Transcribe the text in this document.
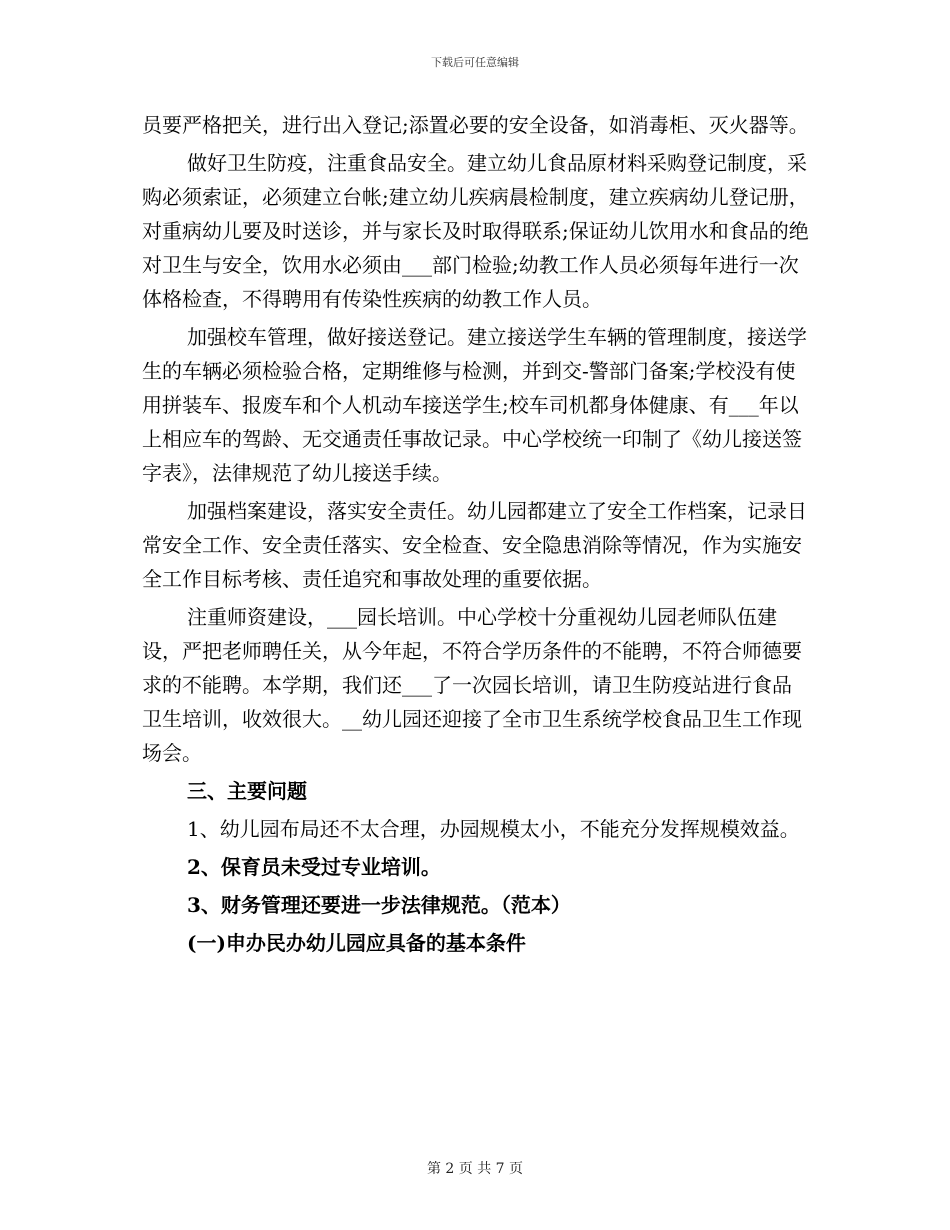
下载后可任意编辑

员要严格把关，进行出入登记;添置必要的安全设备，如消毒柜、灭火器等。

做好卫生防疫，注重食品安全。建立幼儿食品原材料采购登记制度，采购必须索证，必须建立台帐;建立幼儿疾病晨检制度，建立疾病幼儿登记册，对重病幼儿要及时送诊，并与家长及时取得联系;保证幼儿饮用水和食品的绝对卫生与安全，饮用水必须由___部门检验;幼教工作人员必须每年进行一次体格检查，不得聘用有传染性疾病的幼教工作人员。

加强校车管理，做好接送登记。建立接送学生车辆的管理制度，接送学生的车辆必须检验合格，定期维修与检测，并到交-警部门备案;学校没有使用拼装车、报废车和个人机动车接送学生;校车司机都身体健康、有___年以上相应车的驾龄、无交通责任事故记录。中心学校统一印制了《幼儿接送签字表》，法律规范了幼儿接送手续。

加强档案建设，落实安全责任。幼儿园都建立了安全工作档案，记录日常安全工作、安全责任落实、安全检查、安全隐患消除等情况，作为实施安全工作目标考核、责任追究和事故处理的重要依据。

注重师资建设，___园长培训。中心学校十分重视幼儿园老师队伍建设，严把老师聘任关，从今年起，不符合学历条件的不能聘，不符合师德要求的不能聘。本学期，我们还___了一次园长培训，请卫生防疫站进行食品卫生培训，收效很大。__幼儿园还迎接了全市卫生系统学校食品卫生工作现场会。

三、主要问题

1、幼儿园布局还不太合理，办园规模太小，不能充分发挥规模效益。

2、保育员未受过专业培训。

3、财务管理还要进一步法律规范。（范本）

(一)申办民办幼儿园应具备的基本条件

第 2 页 共 7 页
